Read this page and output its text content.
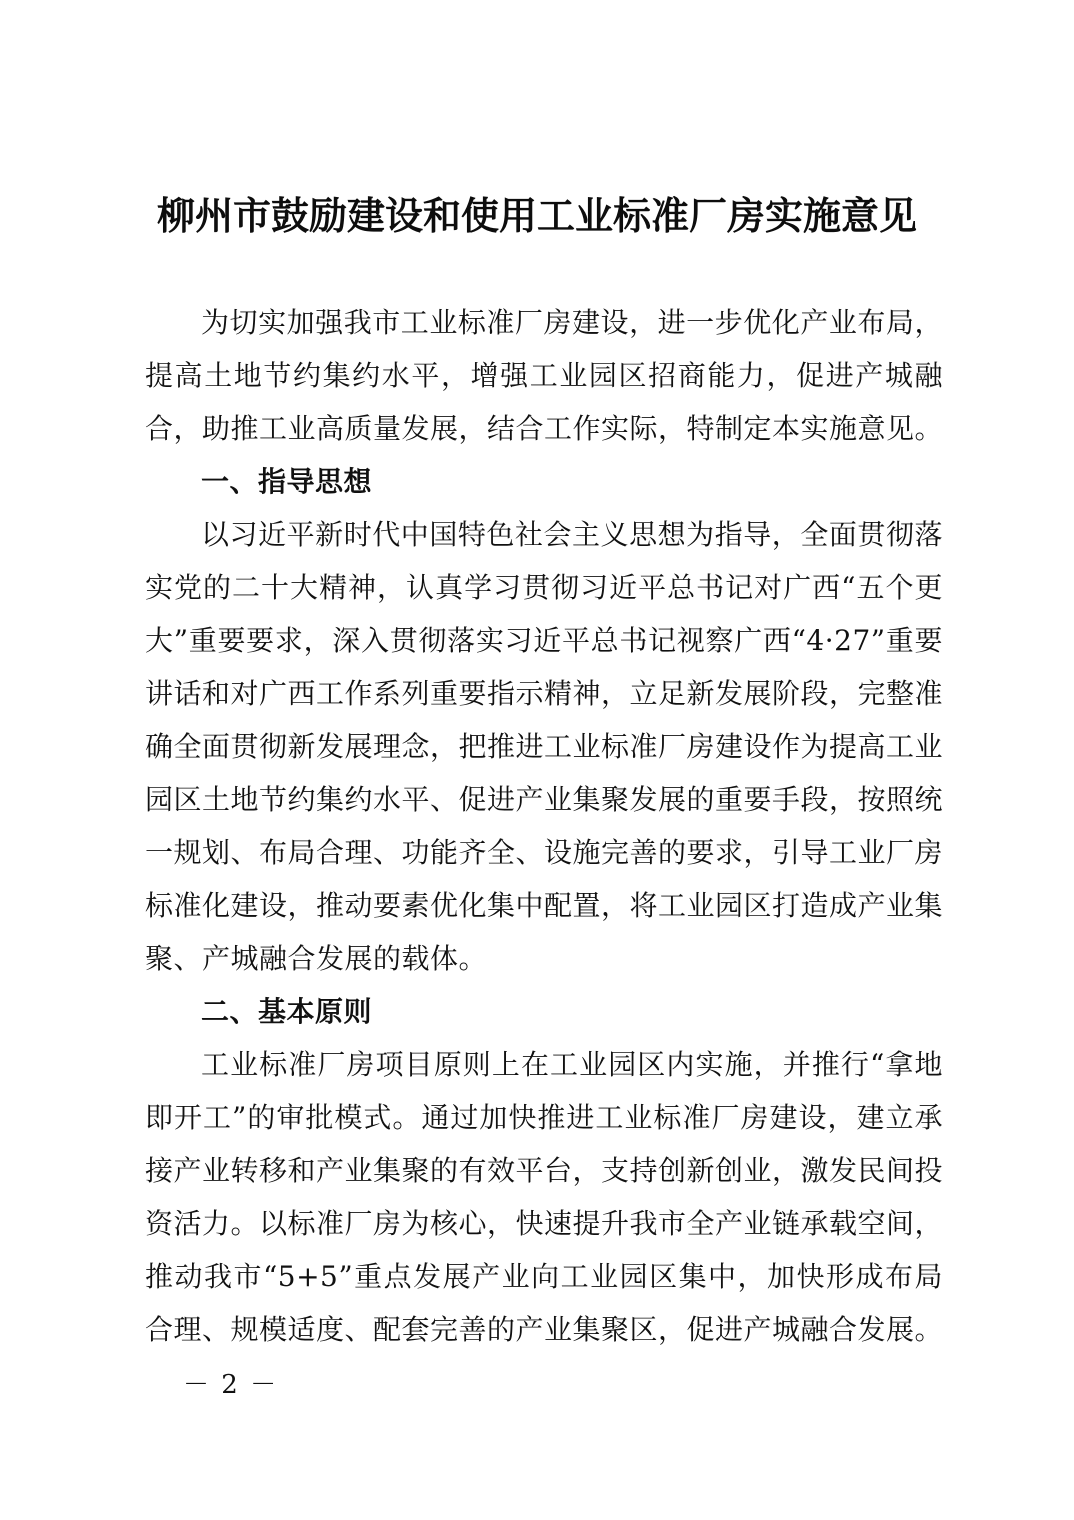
柳州市鼓励建设和使用工业标准厂房实施意见

为切实加强我市工业标准厂房建设，进一步优化产业布局，提高土地节约集约水平，增强工业园区招商能力，促进产城融合，助推工业高质量发展，结合工作实际，特制定本实施意见。

一、指导思想

以习近平新时代中国特色社会主义思想为指导，全面贯彻落实党的二十大精神，认真学习贯彻习近平总书记对广西“五个更大”重要要求，深入贯彻落实习近平总书记视察广西“4·27”重要讲话和对广西工作系列重要指示精神，立足新发展阶段，完整准确全面贯彻新发展理念，把推进工业标准厂房建设作为提高工业园区土地节约集约水平、促进产业集聚发展的重要手段，按照统一规划、布局合理、功能齐全、设施完善的要求，引导工业厂房标准化建设，推动要素优化集中配置，将工业园区打造成产业集聚、产城融合发展的载体。

二、基本原则

工业标准厂房项目原则上在工业园区内实施，并推行“拿地即开工”的审批模式。通过加快推进工业标准厂房建设，建立承接产业转移和产业集聚的有效平台，支持创新创业，激发民间投资活力。以标准厂房为核心，快速提升我市全产业链承载空间，推动我市“5+5”重点发展产业向工业园区集中，加快形成布局合理、规模适度、配套完善的产业集聚区，促进产城融合发展。

－ 2 －
